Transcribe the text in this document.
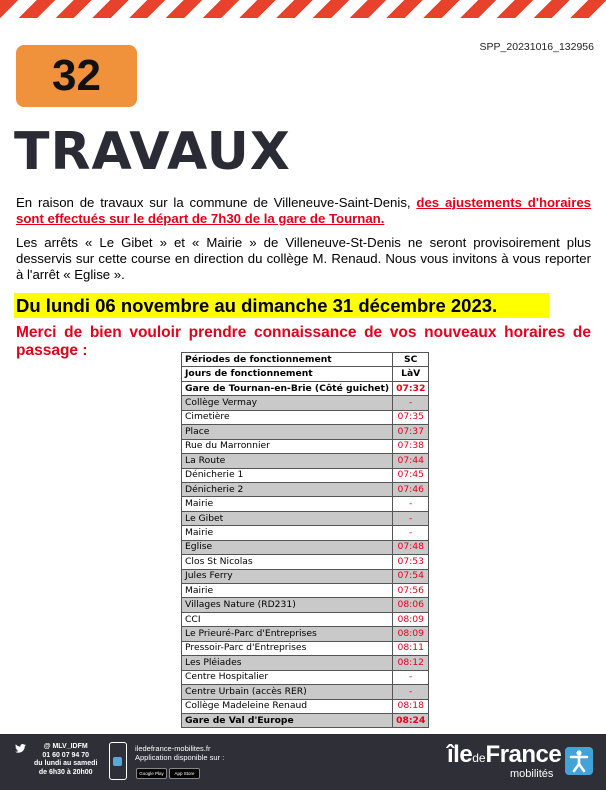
32
SPP_20231016_132956
TRAVAUX

En raison de travaux sur la commune de Villeneuve-Saint-Denis, des ajustements d'horaires sont effectués sur le départ de 7h30 de la gare de Tournan.

Les arrêts « Le Gibet » et « Mairie » de Villeneuve-St-Denis ne seront provisoirement plus desservis sur cette course en direction du collège M. Renaud. Nous vous invitons à vous reporter à l'arrêt « Eglise ».

Du lundi 06 novembre au dimanche 31 décembre 2023.

Merci de bien vouloir prendre connaissance de vos nouveaux horaires de passage :

Périodes de fonctionnement	SC
Jours de fonctionnement	LàV
Gare de Tournan-en-Brie (Côté guichet)	07:32
Collège Vermay	-
Cimetière	07:35
Place	07:37
Rue du Marronnier	07:38
La Route	07:44
Dénicherie 1	07:45
Dénicherie 2	07:46
Mairie	-
Le Gibet	-
Mairie	-
Eglise	07:48
Clos St Nicolas	07:53
Jules Ferry	07:54
Mairie	07:56
Villages Nature (RD231)	08:06
CCI	08:09
Le Prieuré-Parc d'Entreprises	08:09
Pressoir-Parc d'Entreprises	08:11
Les Pléiades	08:12
Centre Hospitalier	-
Centre Urbain (accès RER)	-
Collège Madeleine Renaud	08:18
Gare de Val d'Europe	08:24
@ MLV_IDFM
01 60 07 94 70
du lundi au samedi
de 6h30 à 20h00
iledefrance-mobilites.fr
Application disponible sur :
Google Play	App Store
îledeFrance
mobilités
